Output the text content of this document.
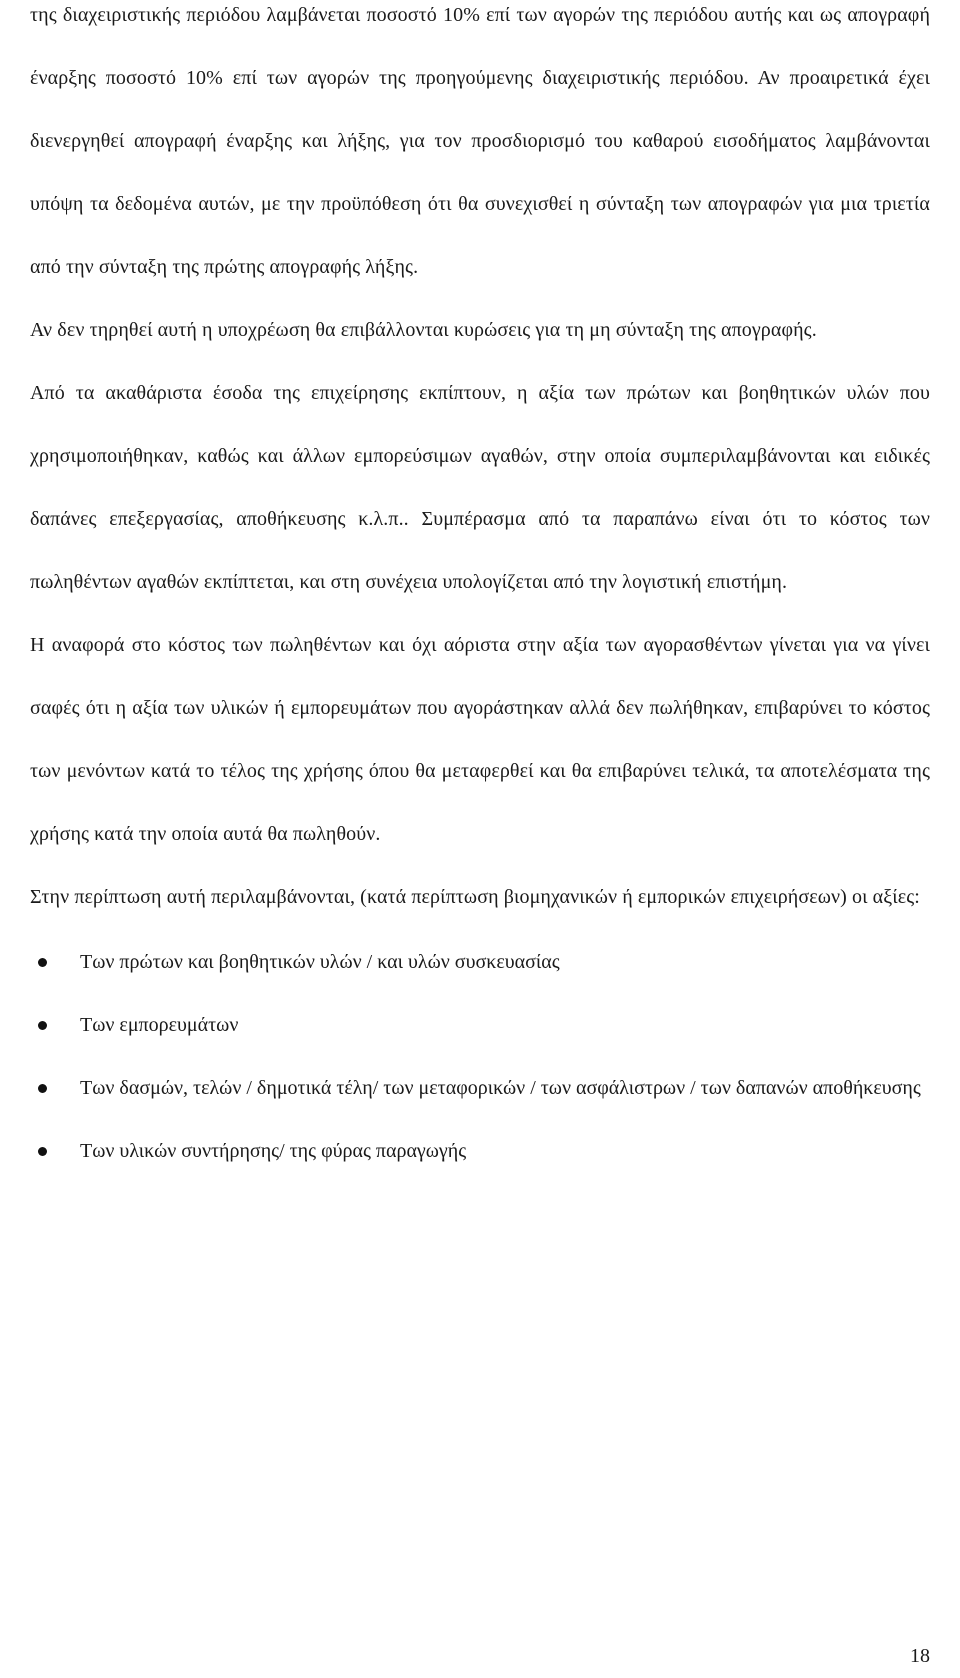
της διαχειριστικής περιόδου λαμβάνεται ποσοστό 10% επί των αγορών της περιόδου αυτής και ως απογραφή έναρξης ποσοστό 10% επί των αγορών της προηγούμενης διαχειριστικής περιόδου. Αν προαιρετικά έχει διενεργηθεί απογραφή έναρξης και λήξης, για τον προσδιορισμό του καθαρού εισοδήματος λαμβάνονται υπόψη τα δεδομένα αυτών, με την προϋπόθεση ότι θα συνεχισθεί η σύνταξη των απογραφών για μια τριετία από την σύνταξη της πρώτης απογραφής λήξης.

Αν δεν τηρηθεί αυτή η υποχρέωση θα επιβάλλονται κυρώσεις για τη μη σύνταξη της απογραφής.

Από τα ακαθάριστα έσοδα της επιχείρησης εκπίπτουν, η αξία των πρώτων και βοηθητικών υλών που χρησιμοποιήθηκαν, καθώς και άλλων εμπορεύσιμων αγαθών, στην οποία συμπεριλαμβάνονται και ειδικές δαπάνες επεξεργασίας, αποθήκευσης κ.λ.π.. Συμπέρασμα από τα παραπάνω είναι ότι το κόστος των πωληθέντων αγαθών εκπίπτεται, και στη συνέχεια υπολογίζεται από την λογιστική επιστήμη.

Η αναφορά στο κόστος των πωληθέντων και όχι αόριστα στην αξία των αγορασθέντων γίνεται για να γίνει σαφές ότι η αξία των υλικών ή εμπορευμάτων που αγοράστηκαν αλλά δεν πωλήθηκαν, επιβαρύνει το κόστος των μενόντων κατά το τέλος της χρήσης όπου θα μεταφερθεί και θα επιβαρύνει τελικά, τα αποτελέσματα της χρήσης κατά την οποία αυτά θα πωληθούν.

Στην περίπτωση αυτή περιλαμβάνονται, (κατά περίπτωση βιομηχανικών ή εμπορικών επιχειρήσεων) οι αξίες:

Των πρώτων και βοηθητικών υλών / και υλών συσκευασίας
Των εμπορευμάτων
Των δασμών, τελών / δημοτικά τέλη/ των μεταφορικών / των ασφάλιστρων / των δαπανών αποθήκευσης
Των υλικών συντήρησης/ της φύρας παραγωγής
18
